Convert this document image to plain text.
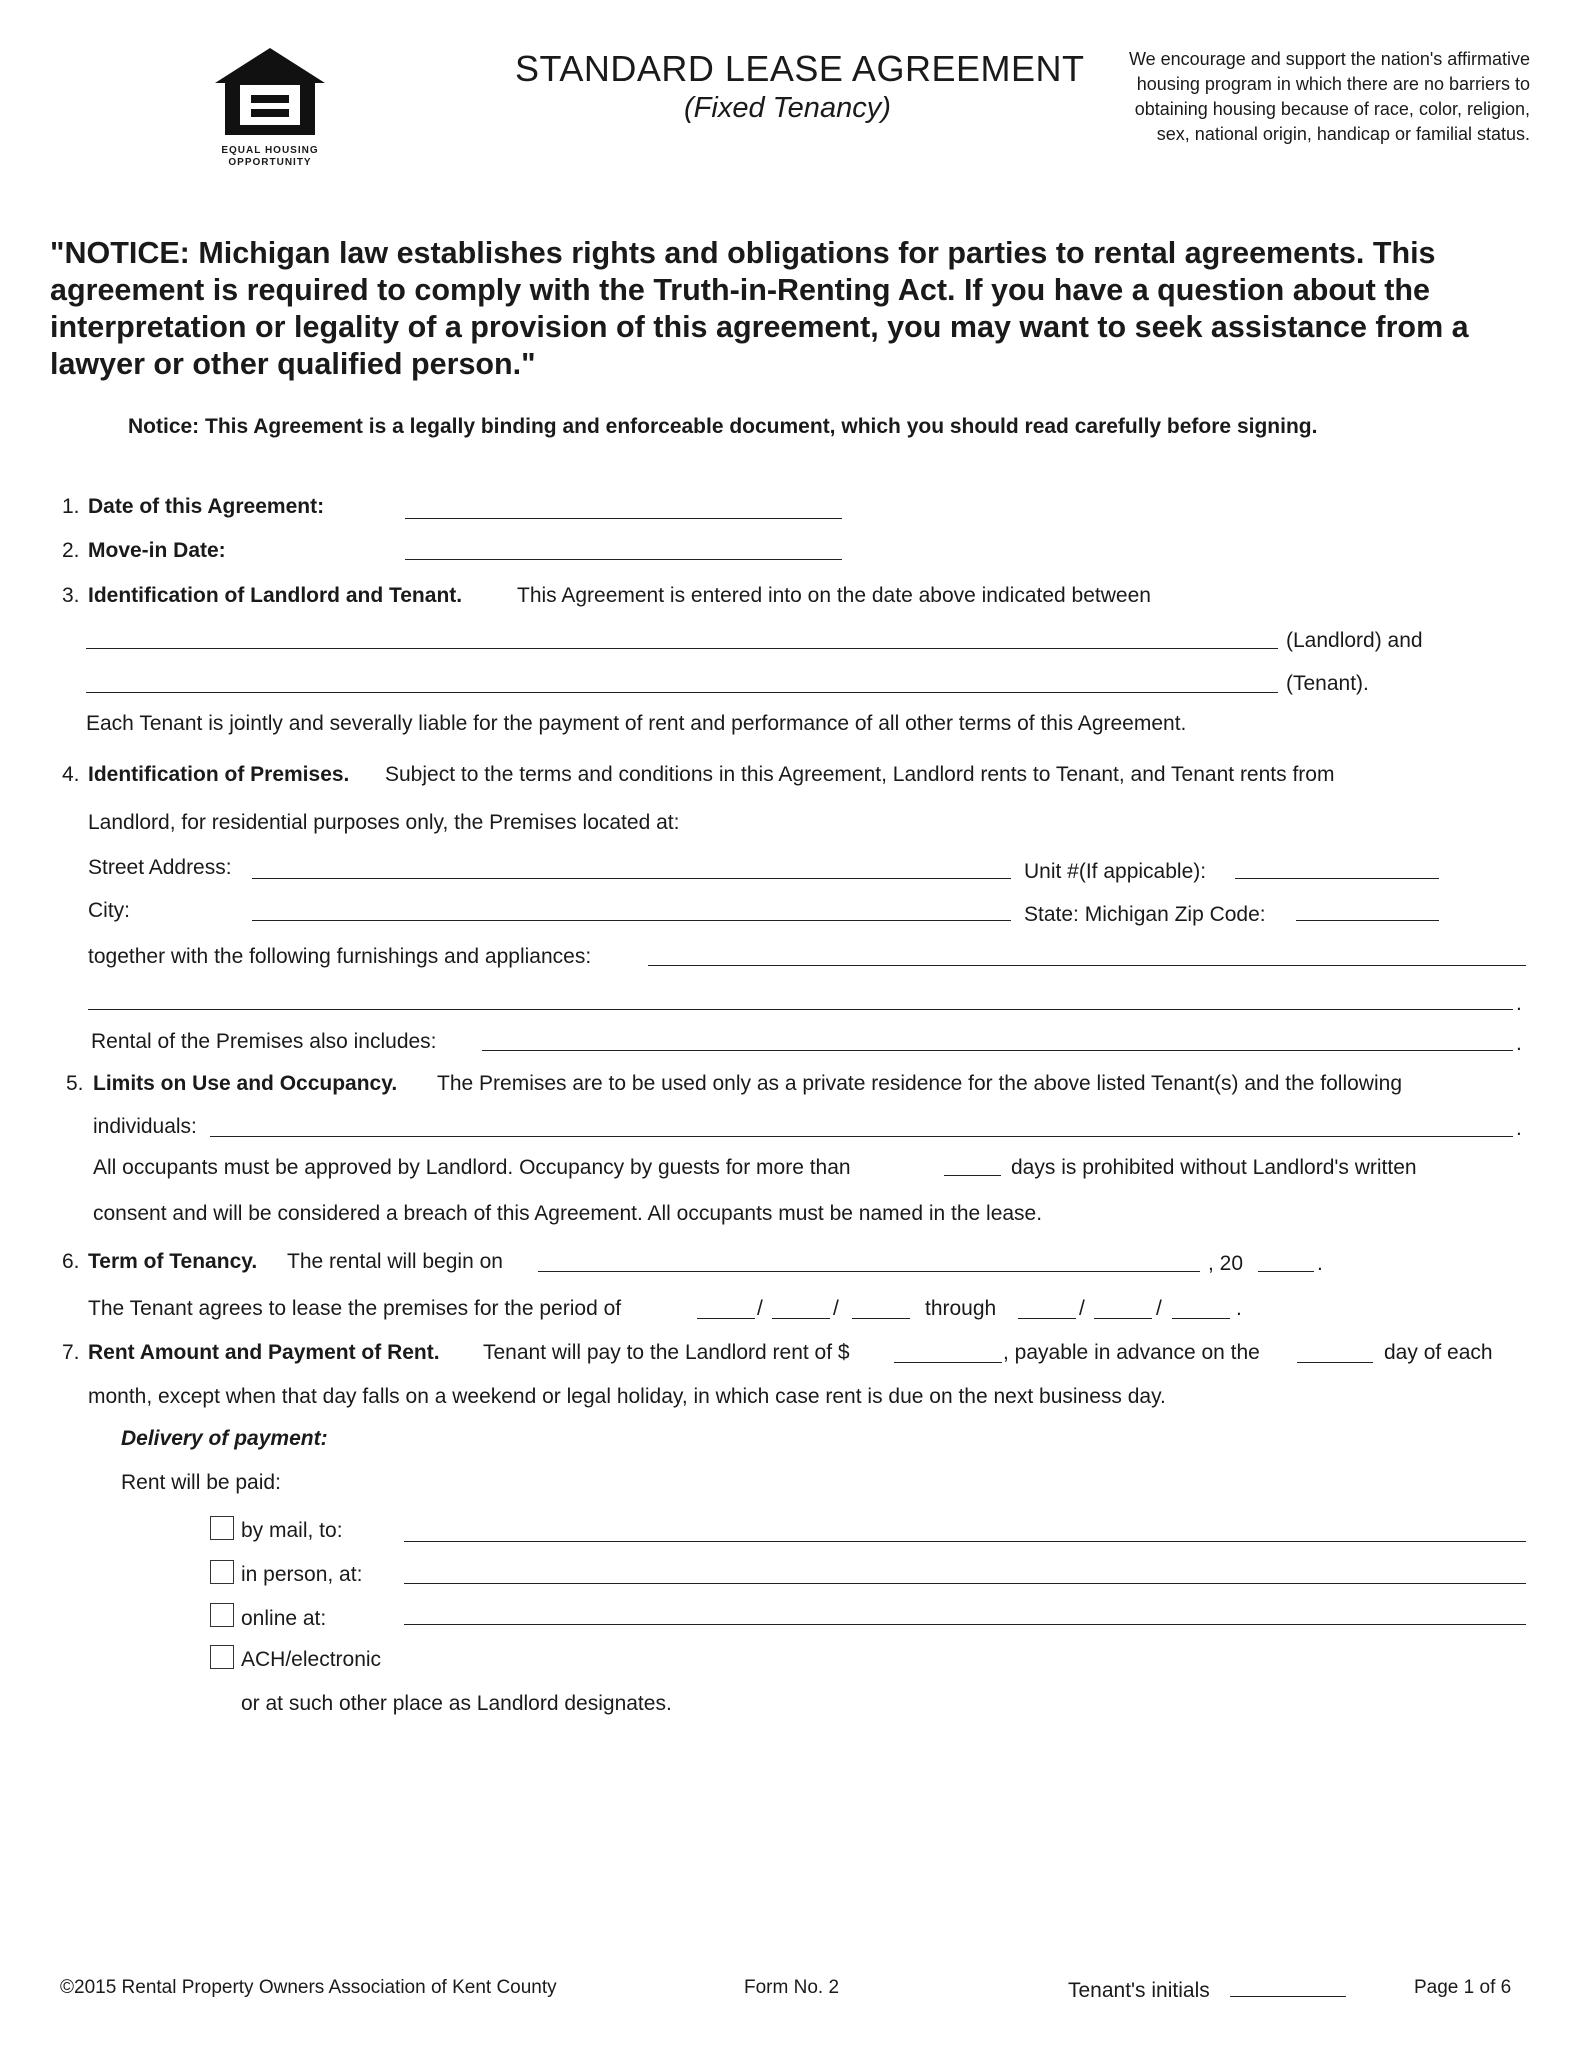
EQUAL HOUSING OPPORTUNITY
STANDARD LEASE AGREEMENT
(Fixed Tenancy)
We encourage and support the nation's affirmative housing program in which there are no barriers to obtaining housing because of race, color, religion, sex, national origin, handicap or familial status.
"NOTICE: Michigan law establishes rights and obligations for parties to rental agreements. This agreement is required to comply with the Truth-in-Renting Act. If you have a question about the interpretation or legality of a provision of this agreement, you may want to seek assistance from a lawyer or other qualified person."
Notice: This Agreement is a legally binding and enforceable document, which you should read carefully before signing.
1. Date of this Agreement:
2. Move-in Date:
3. Identification of Landlord and Tenant.	This Agreement is entered into on the date above indicated between
(Landlord) and
(Tenant).
Each Tenant is jointly and severally liable for the payment of rent and performance of all other terms of this Agreement.
4. Identification of Premises. Subject to the terms and conditions in this Agreement, Landlord rents to Tenant, and Tenant rents from
Landlord, for residential purposes only, the Premises located at:
Street Address:	Unit #(If appicable):
City:	State: Michigan Zip Code:
together with the following furnishings and appliances:
.
Rental of the Premises also includes:	.
5. Limits on Use and Occupancy. The Premises are to be used only as a private residence for the above listed Tenant(s) and the following
individuals:	.
All occupants must be approved by Landlord. Occupancy by guests for more than	days is prohibited without Landlord's written
consent and will be considered a breach of this Agreement. All occupants must be named in the lease.
6. Term of Tenancy. The rental will begin on	, 20	.
The Tenant agrees to lease the premises for the period of	/	/	through	/	/	.
7. Rent Amount and Payment of Rent. Tenant will pay to the Landlord rent of $	, payable in advance on the	day of each
month, except when that day falls on a weekend or legal holiday, in which case rent is due on the next business day.
Delivery of payment:
Rent will be paid:
by mail, to:
in person, at:
online at:
ACH/electronic
or at such other place as Landlord designates.
©2015 Rental Property Owners Association of Kent County	Form No. 2	Tenant's initials	Page 1 of 6
